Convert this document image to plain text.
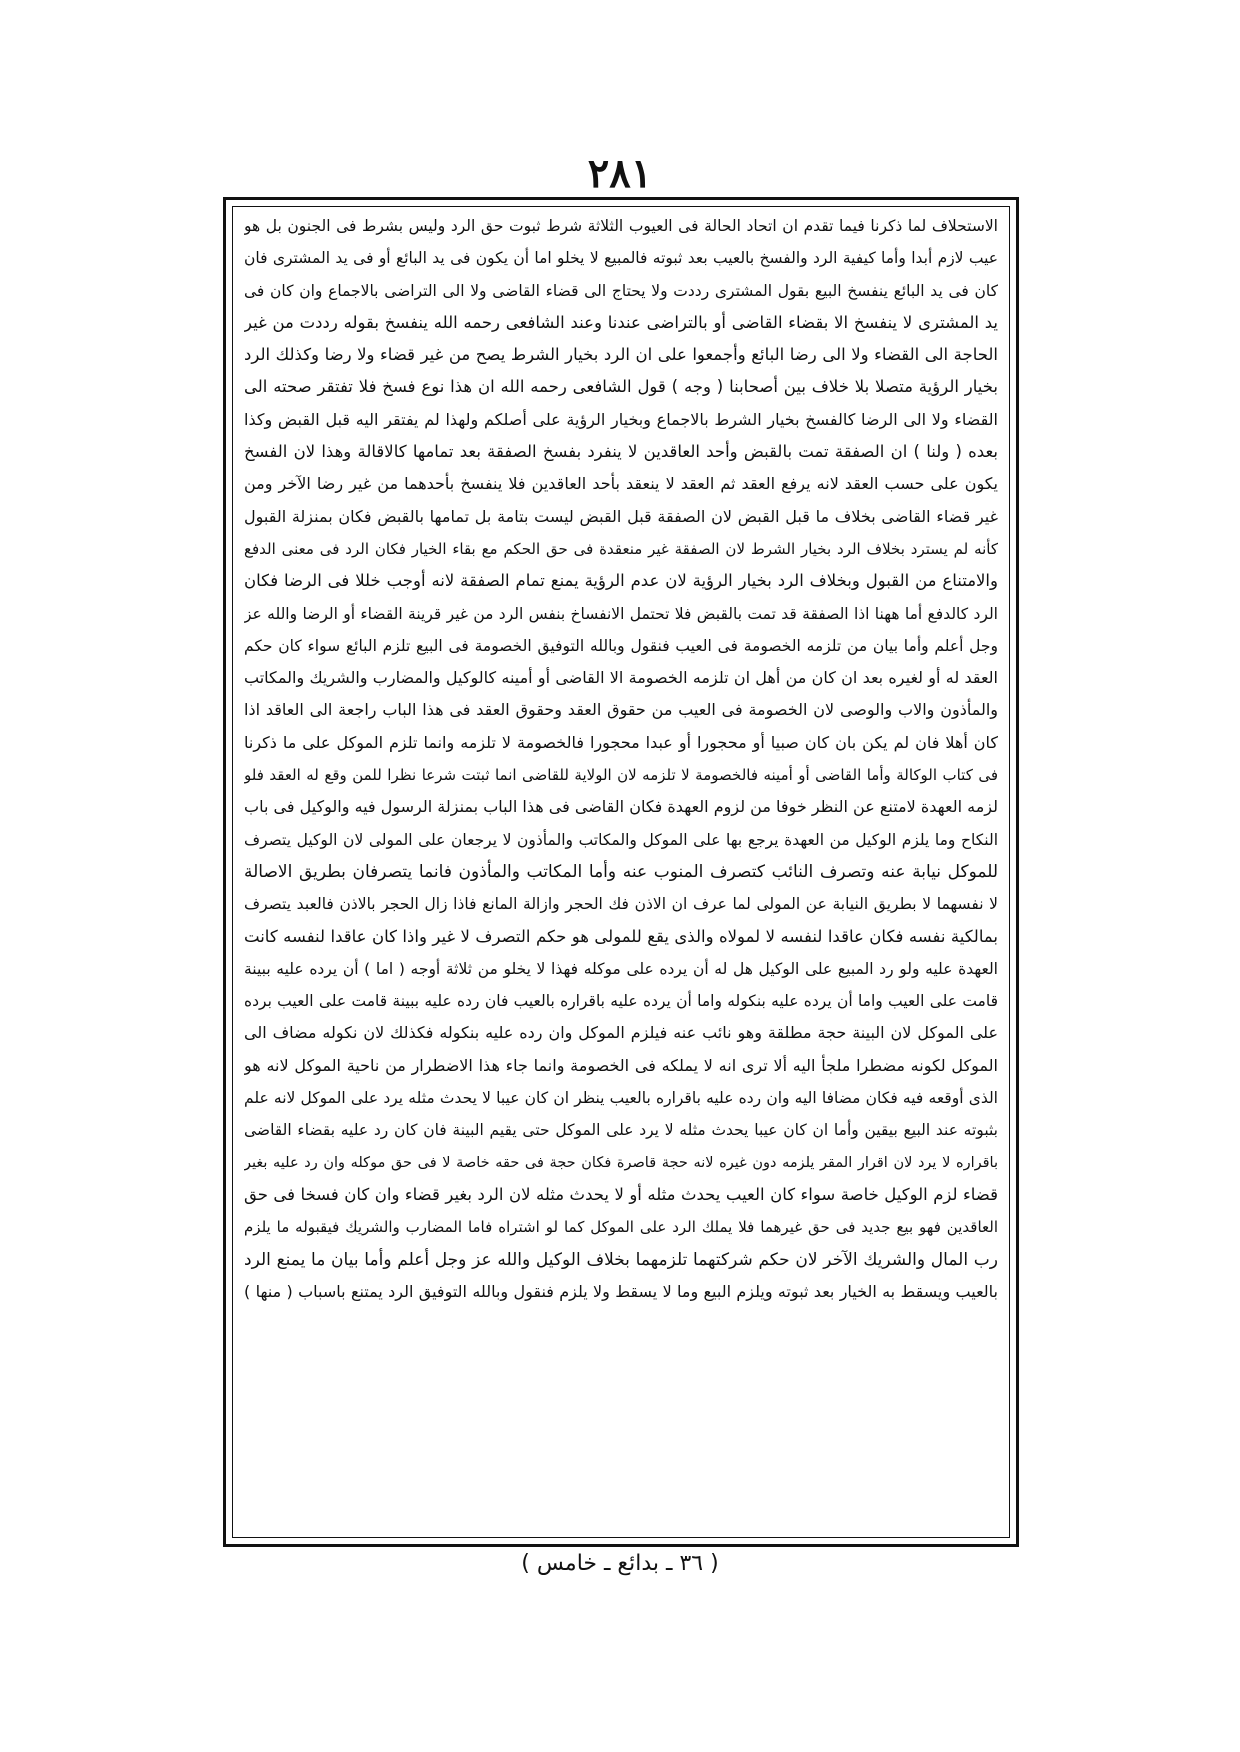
٢٨١
الاستحلاف لما ذكرنا فيما تقدم ان اتحاد الحالة فى العيوب الثلاثة شرط ثبوت حق الرد وليس بشرط فى الجنون بل هو
عيب لازم أبدا وأما كيفية الرد والفسخ بالعيب بعد ثبوته فالمبيع لا يخلو اما أن يكون فى يد البائع أو فى يد المشترى فان
كان فى يد البائع ينفسخ البيع بقول المشترى رددت ولا يحتاج الى قضاء القاضى ولا الى التراضى بالاجماع وان كان فى
يد المشترى لا ينفسخ الا بقضاء القاضى أو بالتراضى عندنا وعند الشافعى رحمه الله ينفسخ بقوله رددت من غير
الحاجة الى القضاء ولا الى رضا البائع وأجمعوا على ان الرد بخيار الشرط يصح من غير قضاء ولا رضا وكذلك الرد
بخيار الرؤية متصلا بلا خلاف بين أصحابنا ( وجه ) قول الشافعى رحمه الله ان هذا نوع فسخ فلا تفتقر صحته الى
القضاء ولا الى الرضا كالفسخ بخيار الشرط بالاجماع وبخيار الرؤية على أصلكم ولهذا لم يفتقر اليه قبل القبض وكذا
بعده ( ولنا ) ان الصفقة تمت بالقبض وأحد العاقدين لا ينفرد بفسخ الصفقة بعد تمامها كالاقالة وهذا لان الفسخ
يكون على حسب العقد لانه يرفع العقد ثم العقد لا ينعقد بأحد العاقدين فلا ينفسخ بأحدهما من غير رضا الآخر ومن
غير قضاء القاضى بخلاف ما قبل القبض لان الصفقة قبل القبض ليست بتامة بل تمامها بالقبض فكان بمنزلة القبول
كأنه لم يسترد بخلاف الرد بخيار الشرط لان الصفقة غير منعقدة فى حق الحكم مع بقاء الخيار فكان الرد فى معنى الدفع
والامتناع من القبول وبخلاف الرد بخيار الرؤية لان عدم الرؤية يمنع تمام الصفقة لانه أوجب خللا فى الرضا فكان
الرد كالدفع أما ههنا اذا الصفقة قد تمت بالقبض فلا تحتمل الانفساخ بنفس الرد من غير قرينة القضاء أو الرضا والله عز
وجل أعلم وأما بيان من تلزمه الخصومة فى العيب فنقول وبالله التوفيق الخصومة فى البيع تلزم البائع سواء كان حكم
العقد له أو لغيره بعد ان كان من أهل ان تلزمه الخصومة الا القاضى أو أمينه كالوكيل والمضارب والشريك والمكاتب
والمأذون والاب والوصى لان الخصومة فى العيب من حقوق العقد وحقوق العقد فى هذا الباب راجعة الى العاقد اذا
كان أهلا فان لم يكن بان كان صبيا أو محجورا أو عبدا محجورا فالخصومة لا تلزمه وانما تلزم الموكل على ما ذكرنا
فى كتاب الوكالة وأما القاضى أو أمينه فالخصومة لا تلزمه لان الولاية للقاضى انما ثبتت شرعا نظرا للمن وقع له العقد فلو
لزمه العهدة لامتنع عن النظر خوفا من لزوم العهدة فكان القاضى فى هذا الباب بمنزلة الرسول فيه والوكيل فى باب
النكاح وما يلزم الوكيل من العهدة يرجع بها على الموكل والمكاتب والمأذون لا يرجعان على المولى لان الوكيل يتصرف
للموكل نيابة عنه وتصرف النائب كتصرف المنوب عنه وأما المكاتب والمأذون فانما يتصرفان بطريق الاصالة
لا نفسهما لا بطريق النيابة عن المولى لما عرف ان الاذن فك الحجر وازالة المانع فاذا زال الحجر بالاذن فالعبد يتصرف
بمالكية نفسه فكان عاقدا لنفسه لا لمولاه والذى يقع للمولى هو حكم التصرف لا غير واذا كان عاقدا لنفسه كانت
العهدة عليه ولو رد المبيع على الوكيل هل له أن يرده على موكله فهذا لا يخلو من ثلاثة أوجه ( اما ) أن يرده عليه ببينة
قامت على العيب واما أن يرده عليه بنكوله واما أن يرده عليه باقراره بالعيب فان رده عليه ببينة قامت على العيب برده
على الموكل لان البينة حجة مطلقة وهو نائب عنه فيلزم الموكل وان رده عليه بنكوله فكذلك لان نكوله مضاف الى
الموكل لكونه مضطرا ملجأ اليه ألا ترى انه لا يملكه فى الخصومة وانما جاء هذا الاضطرار من ناحية الموكل لانه هو
الذى أوقعه فيه فكان مضافا اليه وان رده عليه باقراره بالعيب ينظر ان كان عيبا لا يحدث مثله يرد على الموكل لانه علم
بثبوته عند البيع بيقين وأما ان كان عيبا يحدث مثله لا يرد على الموكل حتى يقيم البينة فان كان رد عليه بقضاء القاضى
باقراره لا يرد لان اقرار المقر يلزمه دون غيره لانه حجة قاصرة فكان حجة فى حقه خاصة لا فى حق موكله وان رد عليه بغير
قضاء لزم الوكيل خاصة سواء كان العيب يحدث مثله أو لا يحدث مثله لان الرد بغير قضاء وان كان فسخا فى حق
العاقدين فهو بيع جديد فى حق غيرهما فلا يملك الرد على الموكل كما لو اشتراه فاما المضارب والشريك فيقبوله ما يلزم
رب المال والشريك الآخر لان حكم شركتهما تلزمهما بخلاف الوكيل والله عز وجل أعلم وأما بيان ما يمنع الرد
بالعيب ويسقط به الخيار بعد ثبوته ويلزم البيع وما لا يسقط ولا يلزم فنقول وبالله التوفيق الرد يمتنع باسباب ( منها )
( ٣٦ ـ بدائع ـ خامس )
